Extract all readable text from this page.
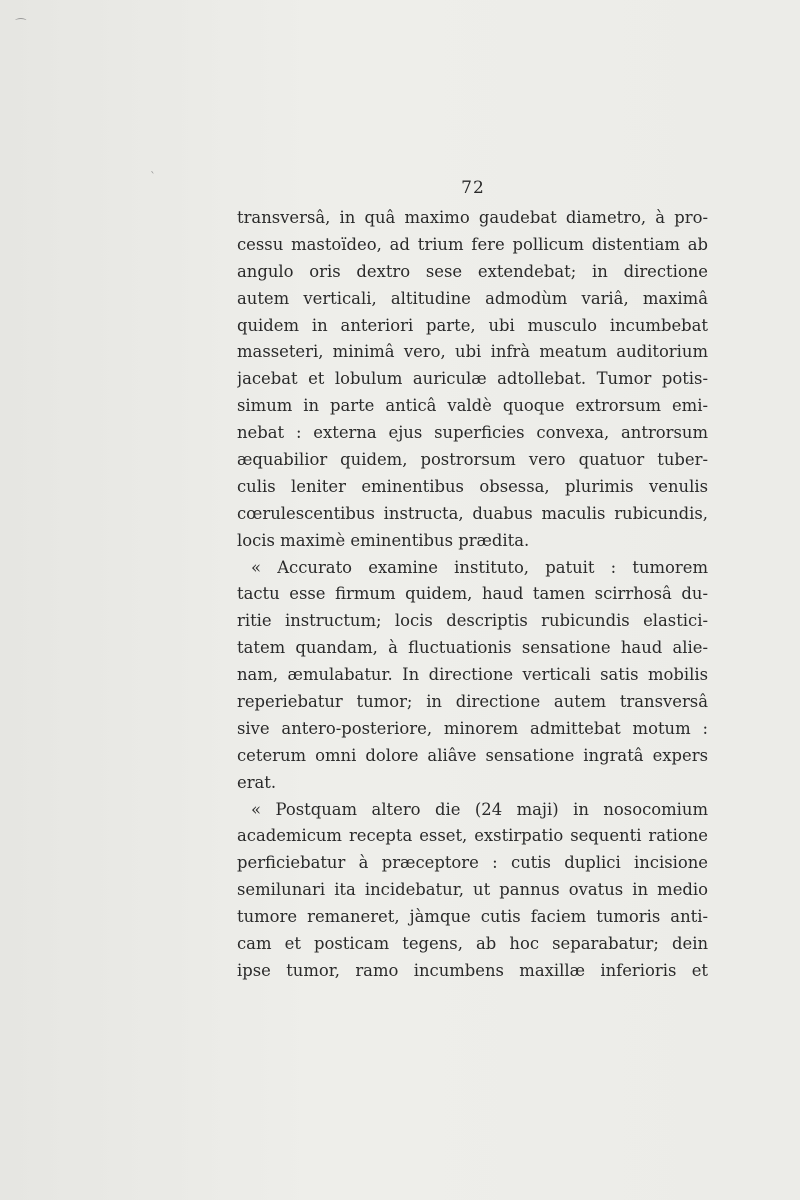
⁀
ˋ
72
transversâ, in quâ maximo gaudebat diametro, à pro-
cessu mastoïdeo, ad trium fere pollicum distentiam ab
angulo oris dextro sese extendebat; in directione
autem verticali, altitudine admodùm variâ, maximâ
quidem in anteriori parte, ubi musculo incumbebat
masseteri, minimâ vero, ubi infrà meatum auditorium
jacebat et lobulum auriculæ adtollebat. Tumor potis-
simum in parte anticâ valdè quoque extrorsum emi-
nebat : externa ejus superficies convexa, antrorsum
æquabilior quidem, postrorsum vero quatuor tuber-
culis leniter eminentibus obsessa, plurimis venulis
cœrulescentibus instructa, duabus maculis rubicundis,
locis maximè eminentibus prædita.
« Accurato examine instituto, patuit : tumorem
tactu esse firmum quidem, haud tamen scirrhosâ du-
ritie instructum; locis descriptis rubicundis elastici-
tatem quandam, à fluctuationis sensatione haud alie-
nam, æmulabatur. In directione verticali satis mobilis
reperiebatur tumor; in directione autem transversâ
sive antero-posteriore, minorem admittebat motum :
ceterum omni dolore aliâve sensatione ingratâ expers
erat.
« Postquam altero die (24 maji) in nosocomium
academicum recepta esset, exstirpatio sequenti ratione
perficiebatur à præceptore : cutis duplici incisione
semilunari ita incidebatur, ut pannus ovatus in medio
tumore remaneret, jàmque cutis faciem tumoris anti-
cam et posticam tegens, ab hoc separabatur; dein
ipse tumor, ramo incumbens maxillæ inferioris et
